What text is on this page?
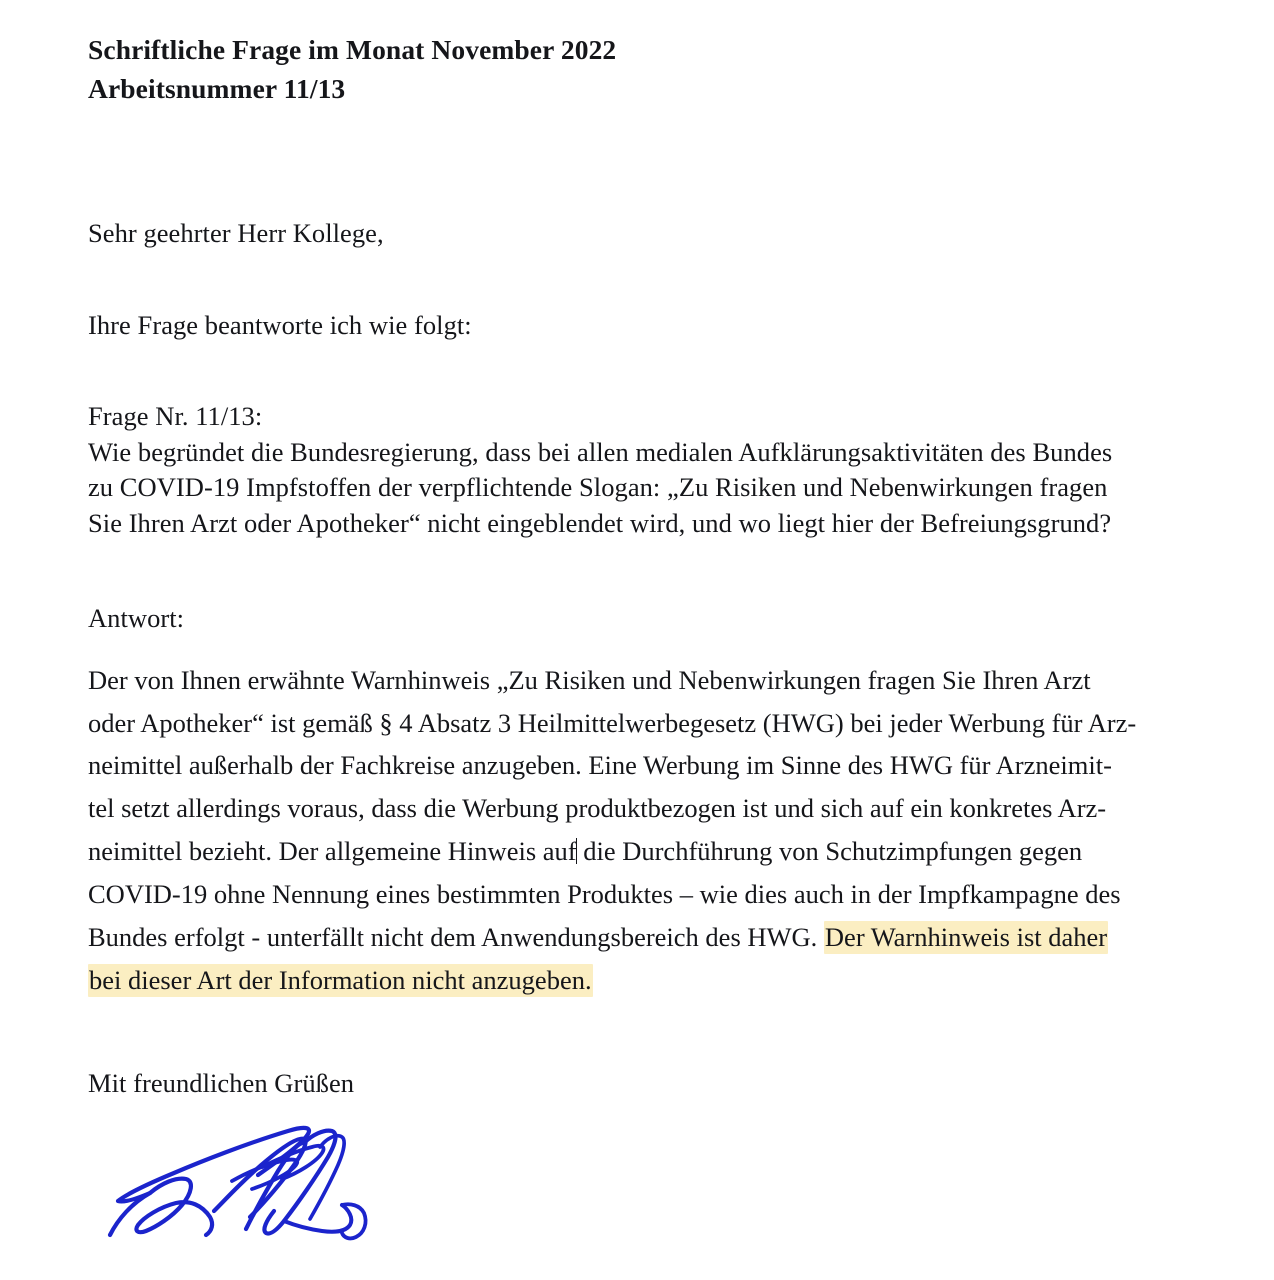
Schriftliche Frage im Monat November 2022
Arbeitsnummer 11/13
Sehr geehrter Herr Kollege,
Ihre Frage beantworte ich wie folgt:
Frage Nr. 11/13:
Wie begründet die Bundesregierung, dass bei allen medialen Aufklärungsaktivitäten des Bundes
zu COVID-19 Impfstoffen der verpflichtende Slogan: „Zu Risiken und Nebenwirkungen fragen
Sie Ihren Arzt oder Apotheker“ nicht eingeblendet wird, und wo liegt hier der Befreiungsgrund?
Antwort:
Der von Ihnen erwähnte Warnhinweis „Zu Risiken und Nebenwirkungen fragen Sie Ihren Arzt
oder Apotheker“ ist gemäß § 4 Absatz 3 Heilmittelwerbegesetz (HWG) bei jeder Werbung für Arz-
neimittel außerhalb der Fachkreise anzugeben. Eine Werbung im Sinne des HWG für Arzneimit-
tel setzt allerdings voraus, dass die Werbung produktbezogen ist und sich auf ein konkretes Arz-
neimittel bezieht. Der allgemeine Hinweis auf die Durchführung von Schutzimpfungen gegen
COVID-19 ohne Nennung eines bestimmten Produktes – wie dies auch in der Impfkampagne des
Bundes erfolgt - unterfällt nicht dem Anwendungsbereich des HWG. Der Warnhinweis ist daher
bei dieser Art der Information nicht anzugeben.
Mit freundlichen Grüßen
